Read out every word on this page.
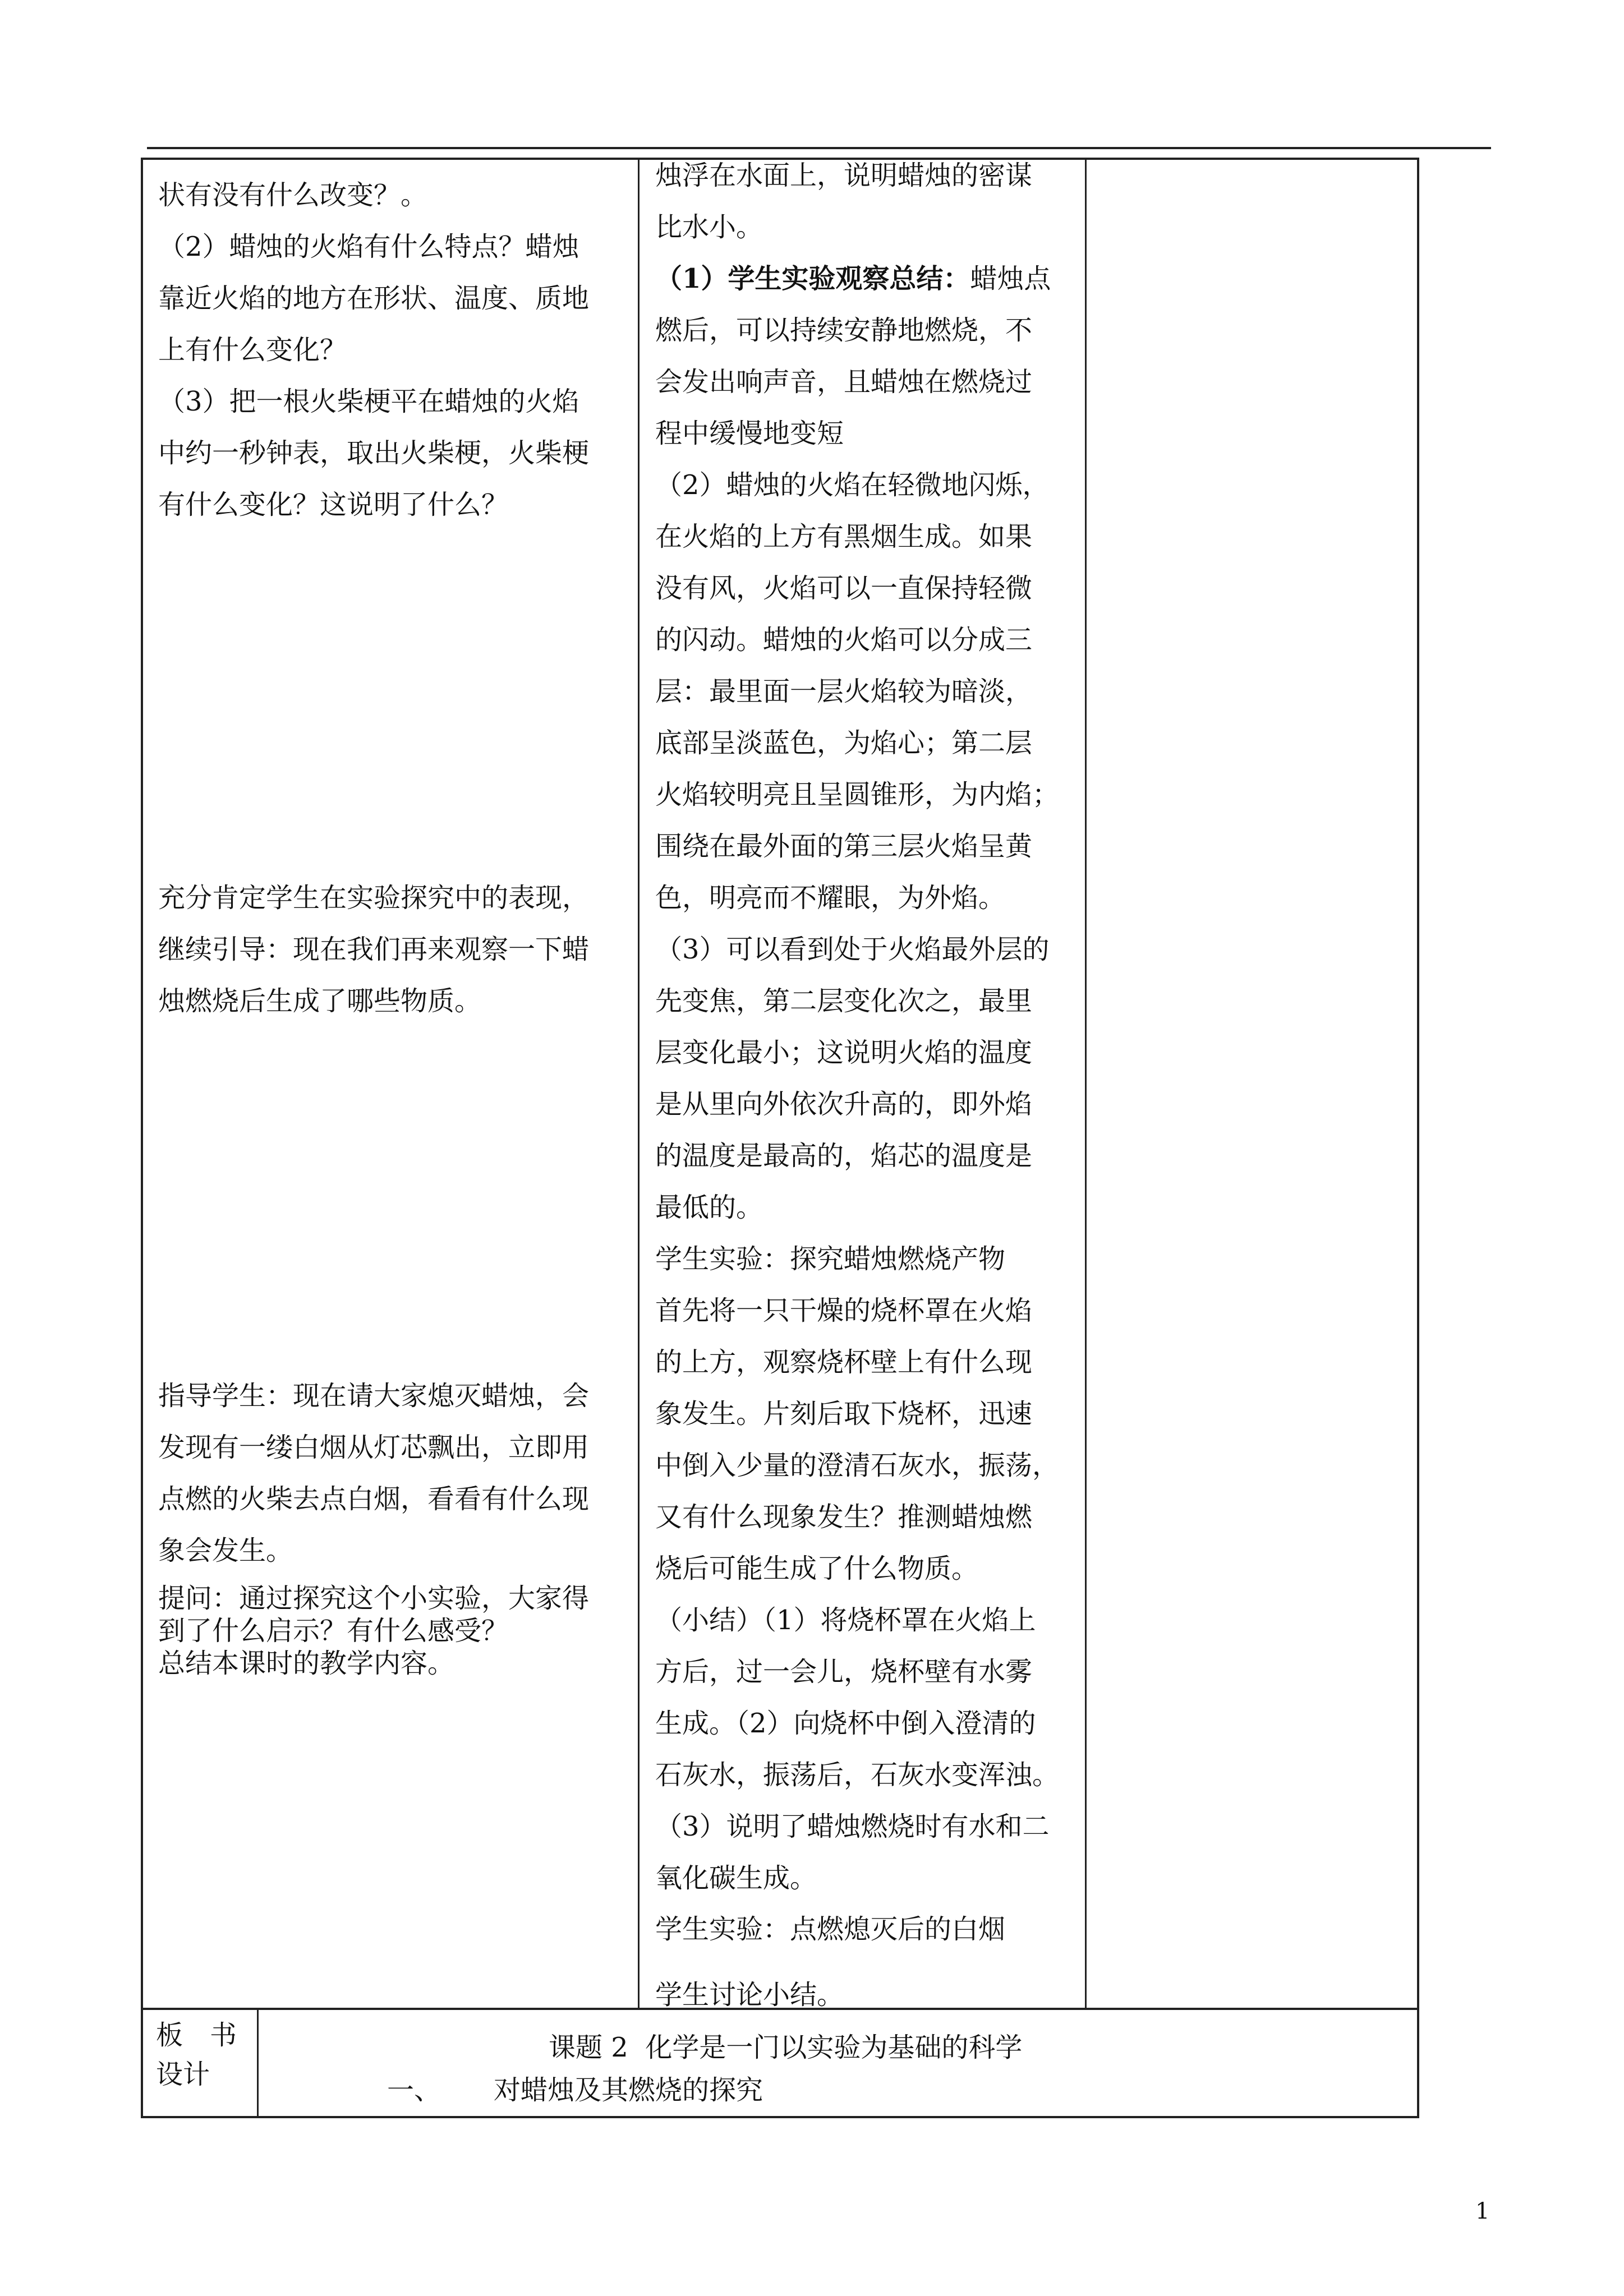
状有没有什么改变？。

（2）蜡烛的火焰有什么特点？蜡烛

靠近火焰的地方在形状、温度、质地

上有什么变化？

（3）把一根火柴梗平在蜡烛的火焰

中约一秒钟表，取出火柴梗，火柴梗

有什么变化？这说明了什么？

充分肯定学生在实验探究中的表现，

继续引导：现在我们再来观察一下蜡

烛燃烧后生成了哪些物质。

指导学生：现在请大家熄灭蜡烛，会

发现有一缕白烟从灯芯飘出，立即用

点燃的火柴去点白烟，看看有什么现

象会发生。

提问：通过探究这个小实验，大家得

到了什么启示？有什么感受？

总结本课时的教学内容。

烛浮在水面上，说明蜡烛的密谋

比水小。

（1）学生实验观察总结：蜡烛点

燃后，可以持续安静地燃烧，不

会发出响声音，且蜡烛在燃烧过

程中缓慢地变短

（2）蜡烛的火焰在轻微地闪烁，

在火焰的上方有黑烟生成。如果

没有风，火焰可以一直保持轻微

的闪动。蜡烛的火焰可以分成三

层：最里面一层火焰较为暗淡，

底部呈淡蓝色，为焰心；第二层

火焰较明亮且呈圆锥形，为内焰；

围绕在最外面的第三层火焰呈黄

色，明亮而不耀眼，为外焰。

（3）可以看到处于火焰最外层的

先变焦，第二层变化次之，最里

层变化最小；这说明火焰的温度

是从里向外依次升高的，即外焰

的温度是最高的，焰芯的温度是

最低的。

学生实验：探究蜡烛燃烧产物

首先将一只干燥的烧杯罩在火焰

的上方，观察烧杯壁上有什么现

象发生。片刻后取下烧杯，迅速

中倒入少量的澄清石灰水，振荡，

又有什么现象发生？推测蜡烛燃

烧后可能生成了什么物质。

（小结）（1）将烧杯罩在火焰上

方后，过一会儿，烧杯壁有水雾

生成。（2）向烧杯中倒入澄清的

石灰水，振荡后，石灰水变浑浊。

（3）说明了蜡烛燃烧时有水和二

氧化碳生成。

学生实验：点燃熄灭后的白烟

学生讨论小结。

板　书

设计

课题 2  化学是一门以实验为基础的科学

一、 对蜡烛及其燃烧的探究
1
